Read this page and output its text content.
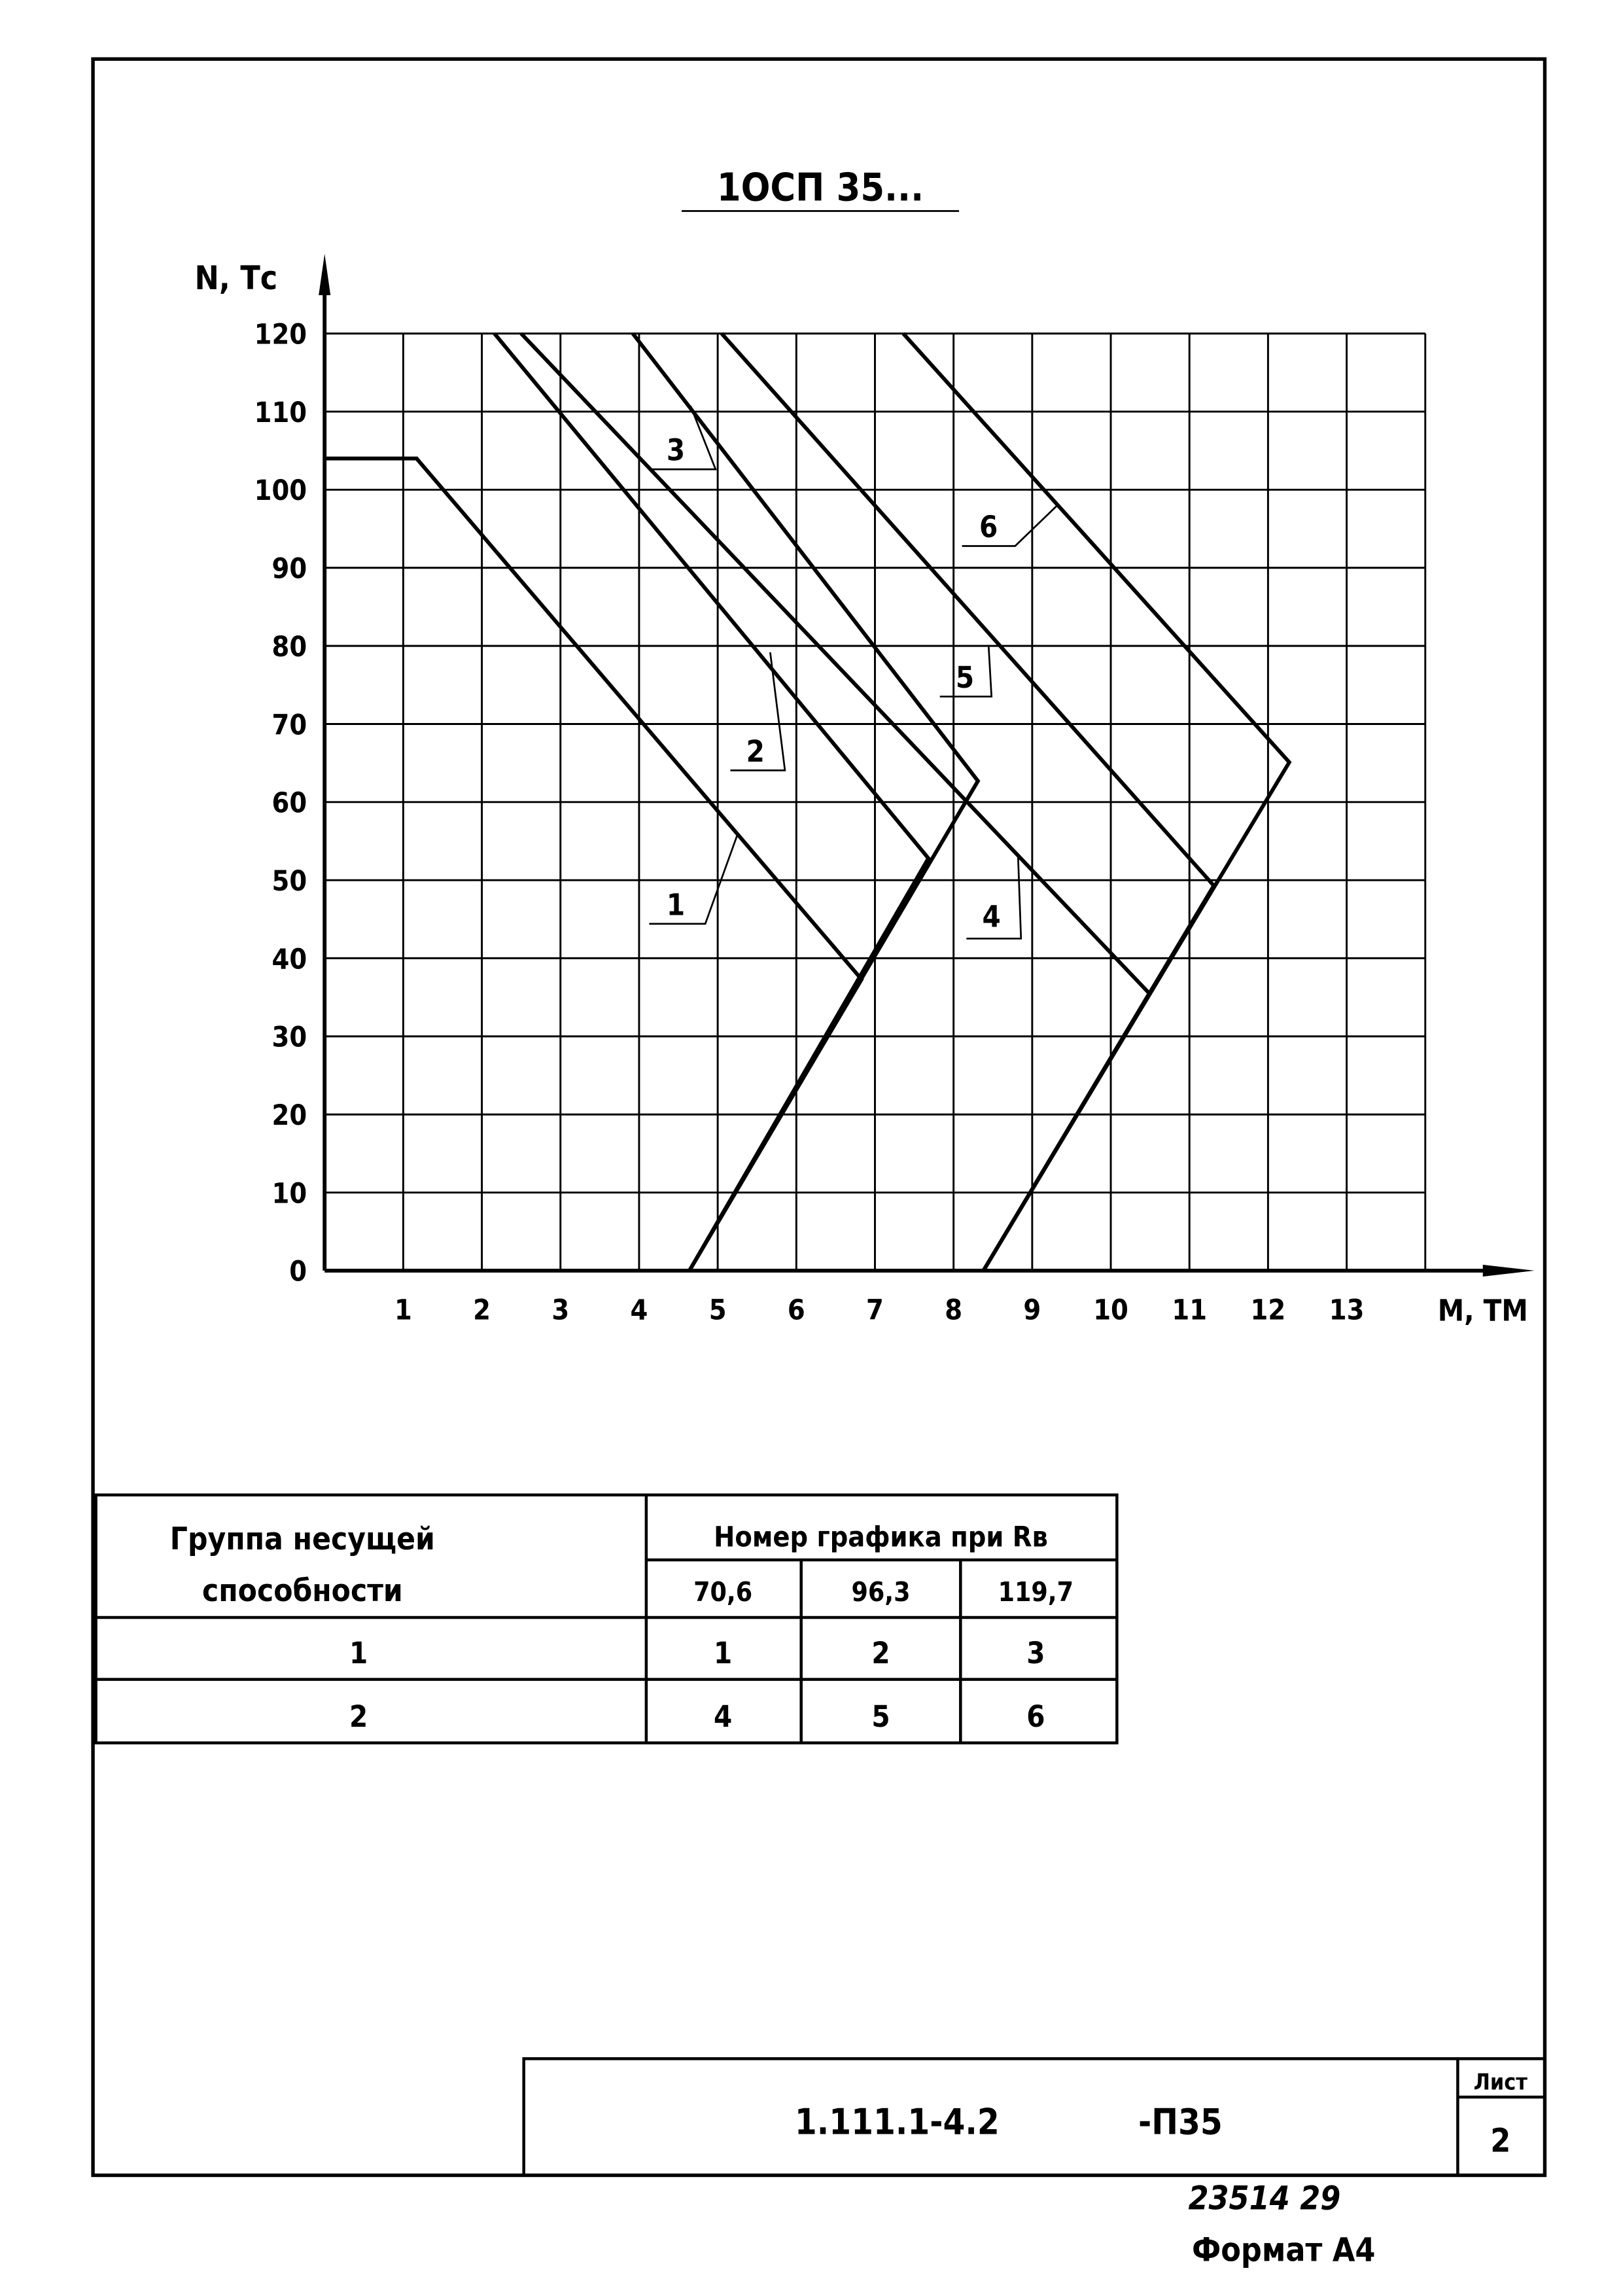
1ОСП 35...
0
10
20
30
40
50
60
70
80
90
100
110
120
1	2	3	4	5	6	7	8	9	10	11	12	13
N, Тс
M, ТМ
1
2
3
4
5
6
Группа несущей
способности
Номер графика при Rв
70,6	96,3	119,7
1	1	2	3
2	4	5	6
1.111.1-4.2	-П35
Лист
2
23514 29
Формат А4
